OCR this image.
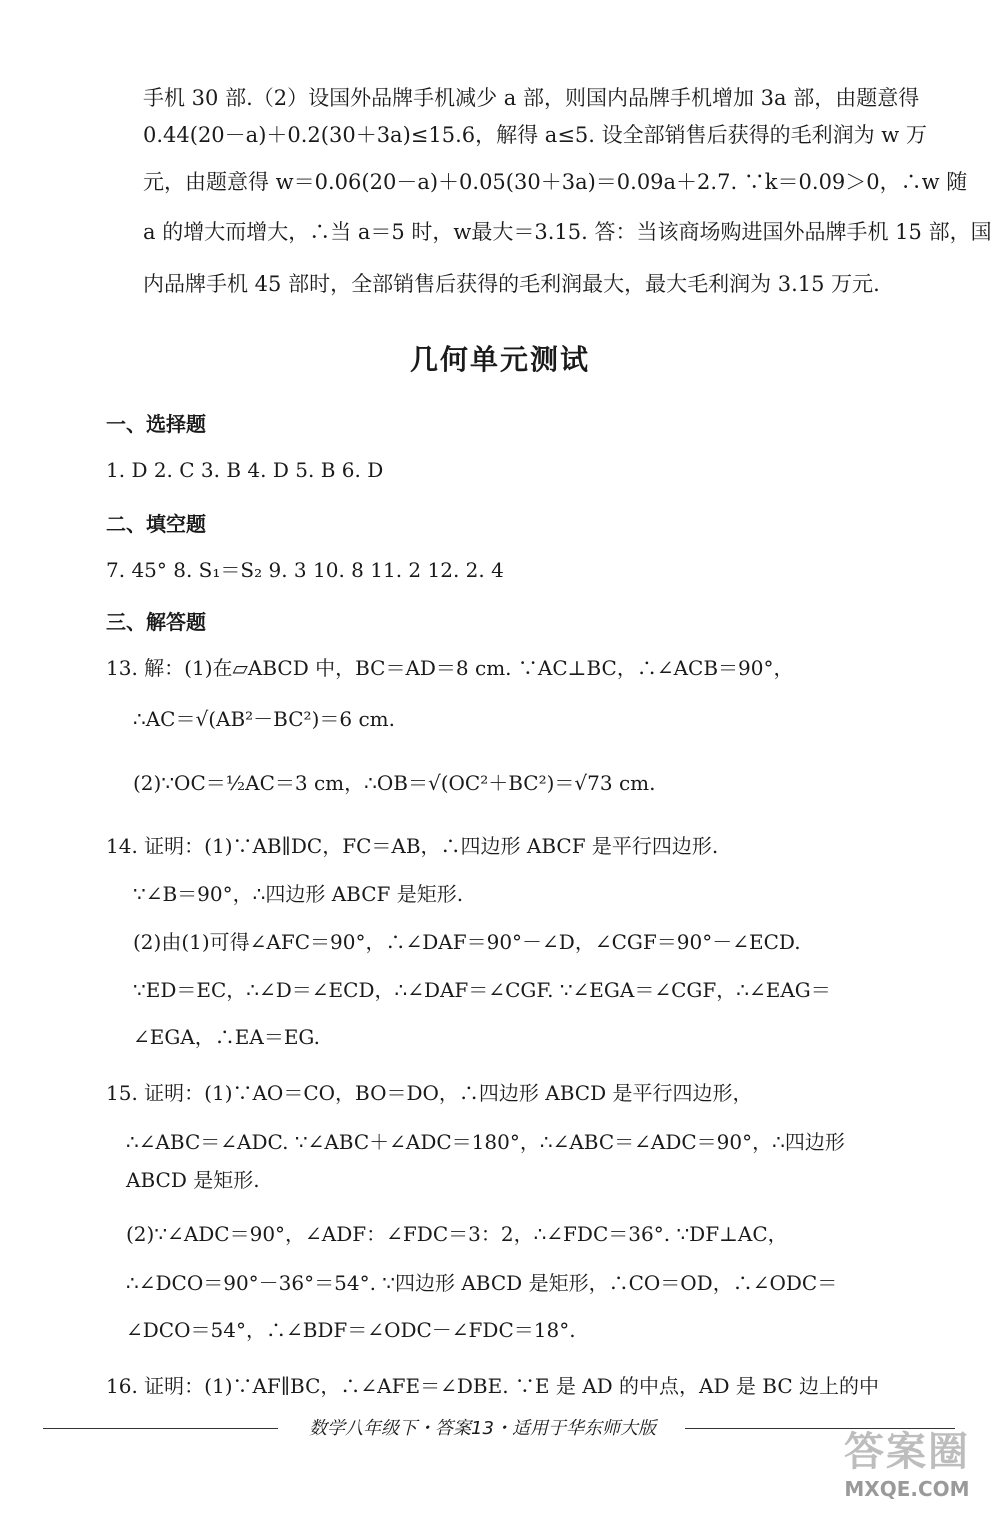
手机 30 部.（2）设国外品牌手机减少 a 部，则国内品牌手机增加 3a 部，由题意得
0.44(20－a)＋0.2(30＋3a)≤15.6，解得 a≤5. 设全部销售后获得的毛利润为 w 万
元，由题意得 w＝0.06(20－a)＋0.05(30＋3a)＝0.09a＋2.7. ∵k＝0.09＞0，∴w 随
a 的增大而增大，∴当 a＝5 时，w最大＝3.15. 答：当该商场购进国外品牌手机 15 部，国
内品牌手机 45 部时，全部销售后获得的毛利润最大，最大毛利润为 3.15 万元.
几何单元测试
一、选择题
1. D 2. C 3. B 4. D 5. B 6. D
二、填空题
7. 45° 8. S₁＝S₂ 9. 3 10. 8 11. 2 12. 2. 4
三、解答题
13. 解：(1)在▱ABCD 中，BC＝AD＝8 cm. ∵AC⊥BC，∴∠ACB＝90°，
∴AC＝√(AB²－BC²)＝6 cm.
(2)∵OC＝½AC＝3 cm，∴OB＝√(OC²＋BC²)＝√73 cm.
14. 证明：(1)∵AB∥DC，FC＝AB，∴四边形 ABCF 是平行四边形.
∵∠B＝90°，∴四边形 ABCF 是矩形.
(2)由(1)可得∠AFC＝90°，∴∠DAF＝90°－∠D，∠CGF＝90°－∠ECD.
∵ED＝EC，∴∠D＝∠ECD，∴∠DAF＝∠CGF. ∵∠EGA＝∠CGF，∴∠EAG＝
∠EGA，∴EA＝EG.
15. 证明：(1)∵AO＝CO，BO＝DO，∴四边形 ABCD 是平行四边形，
∴∠ABC＝∠ADC. ∵∠ABC＋∠ADC＝180°，∴∠ABC＝∠ADC＝90°，∴四边形
ABCD 是矩形.
(2)∵∠ADC＝90°，∠ADF：∠FDC＝3：2，∴∠FDC＝36°. ∵DF⊥AC，
∴∠DCO＝90°－36°＝54°. ∵四边形 ABCD 是矩形，∴CO＝OD，∴∠ODC＝
∠DCO＝54°，∴∠BDF＝∠ODC－∠FDC＝18°.
16. 证明：(1)∵AF∥BC，∴∠AFE＝∠DBE. ∵E 是 AD 的中点，AD 是 BC 边上的中
数学八年级下・答案13・适用于华东师大版
答案圈
MXQE.COM
